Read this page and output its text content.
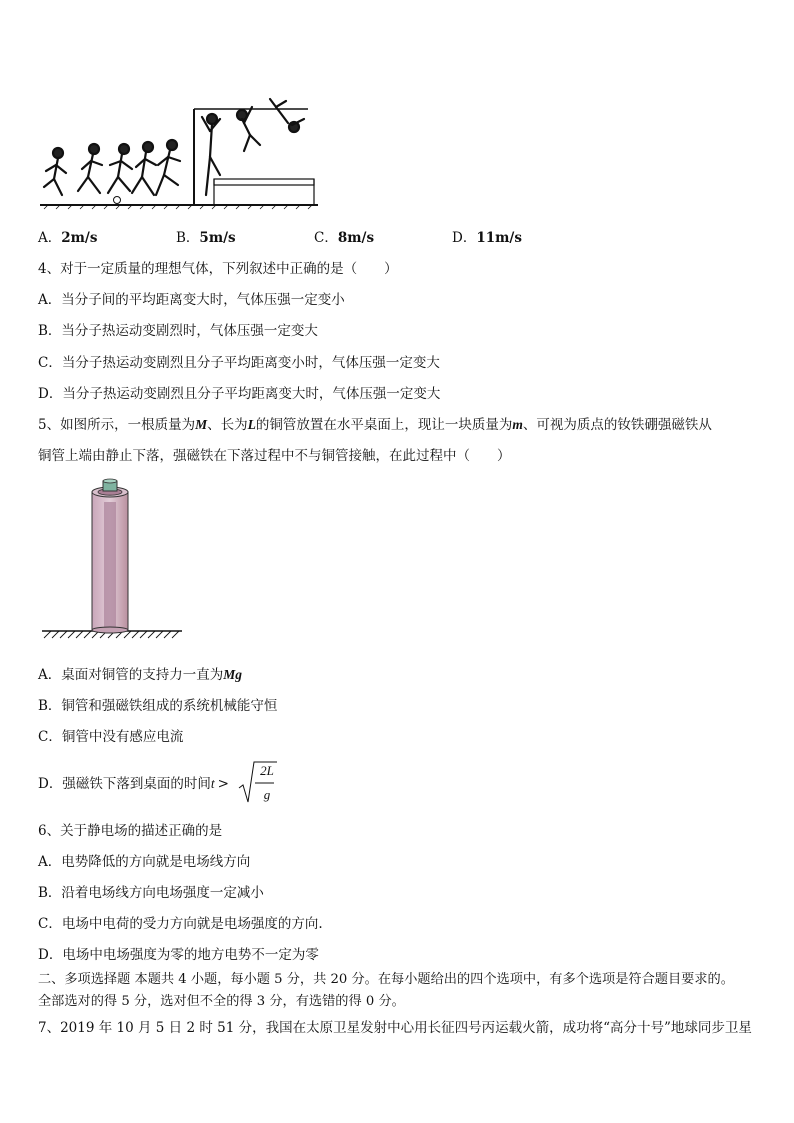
A．2m/s	B．5m/s	C．8m/s	D．11m/s
4、对于一定质量的理想气体，下列叙述中正确的是（　　）
A．当分子间的平均距离变大时，气体压强一定变小
B．当分子热运动变剧烈时，气体压强一定变大
C．当分子热运动变剧烈且分子平均距离变小时，气体压强一定变大
D．当分子热运动变剧烈且分子平均距离变大时，气体压强一定变大
5、如图所示，一根质量为M、长为L的铜管放置在水平桌面上，现让一块质量为m、可视为质点的钕铁硼强磁铁从
铜管上端由静止下落，强磁铁在下落过程中不与铜管接触，在此过程中（　　）
A．桌面对铜管的支持力一直为Mg
B．铜管和强磁铁组成的系统机械能守恒
C．铜管中没有感应电流
D．强磁铁下落到桌面的时间t >
2L
g
6、关于静电场的描述正确的是
A．电势降低的方向就是电场线方向
B．沿着电场线方向电场强度一定减小
C．电场中电荷的受力方向就是电场强度的方向.
D．电场中电场强度为零的地方电势不一定为零
二、多项选择题 本题共 4 小题，每小题 5 分，共 20 分。在每小题给出的四个选项中，有多个选项是符合题目要求的。
全部选对的得 5 分，选对但不全的得 3 分，有选错的得 0 分。
7、2019 年 10 月 5 日 2 时 51 分，我国在太原卫星发射中心用长征四号丙运载火箭，成功将“高分十号”地球同步卫星
